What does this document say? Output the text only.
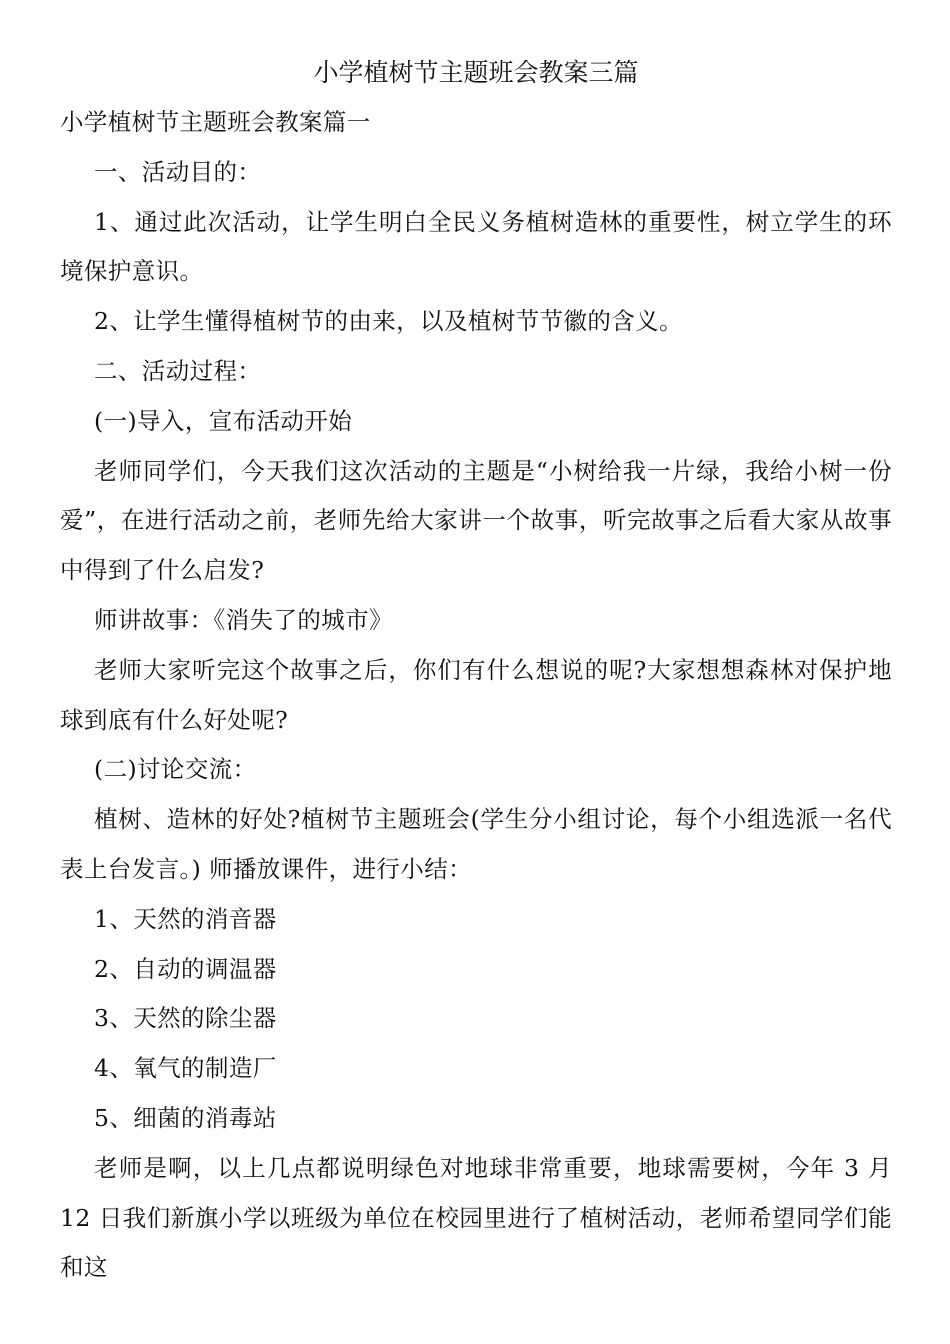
小学植树节主题班会教案三篇

小学植树节主题班会教案篇一

一、活动目的：

1、通过此次活动，让学生明白全民义务植树造林的重要性，树立学生的环境保护意识。

2、让学生懂得植树节的由来，以及植树节节徽的含义。

二、活动过程：

(一)导入，宣布活动开始

老师同学们，今天我们这次活动的主题是“小树给我一片绿，我给小树一份爱”，在进行活动之前，老师先给大家讲一个故事，听完故事之后看大家从故事中得到了什么启发?

师讲故事：《消失了的城市》

老师大家听完这个故事之后，你们有什么想说的呢?大家想想森林对保护地球到底有什么好处呢?

(二)讨论交流：

植树、造林的好处?植树节主题班会(学生分小组讨论，每个小组选派一名代表上台发言。) 师播放课件，进行小结：

1、天然的消音器

2、自动的调温器

3、天然的除尘器

4、氧气的制造厂

5、细菌的消毒站

老师是啊，以上几点都说明绿色对地球非常重要，地球需要树，今年 3 月 12 日我们新旗小学以班级为单位在校园里进行了植树活动，老师希望同学们能和这
